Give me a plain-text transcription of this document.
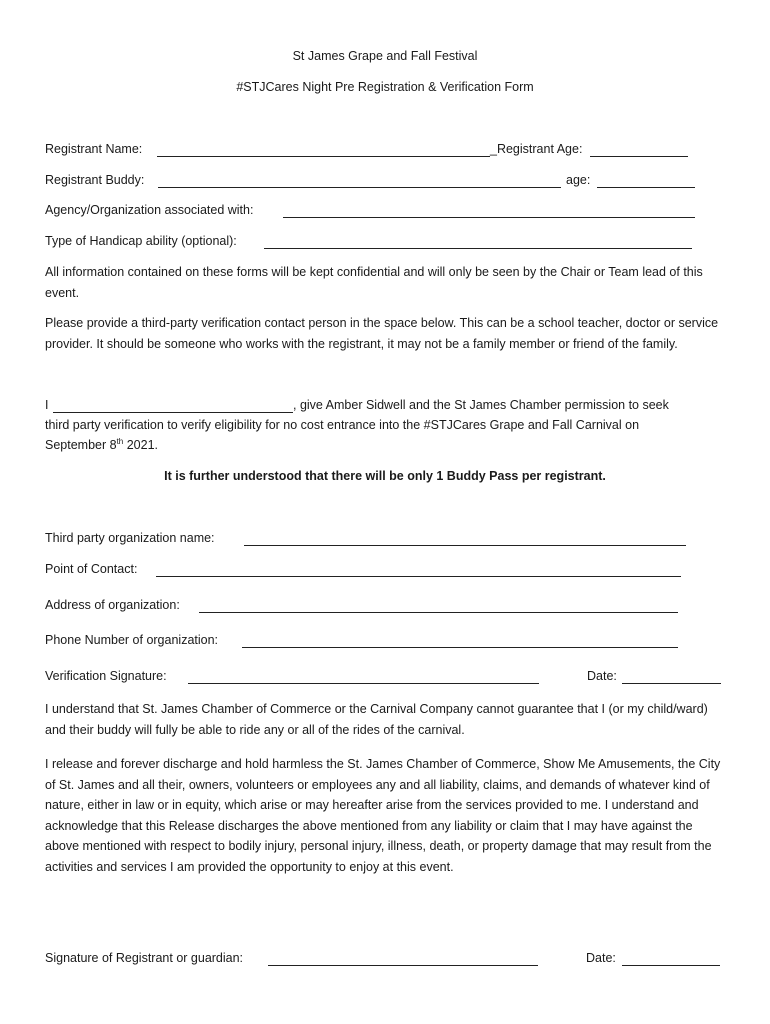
St James Grape and Fall Festival
#STJCares Night Pre Registration & Verification Form
Registrant Name:	_Registrant Age:
Registrant Buddy:	age:
Agency/Organization associated with:
Type of Handicap ability (optional):
All information contained on these forms will be kept confidential and will only be seen by the Chair or Team lead of this event.
Please provide a third-party verification contact person in the space below. This can be a school teacher, doctor or service provider. It should be someone who works with the registrant, it may not be a family member or friend of the family.
I	, give Amber Sidwell and the St James Chamber permission to seek
third party verification to verify eligibility for no cost entrance into the #STJCares Grape and Fall Carnival on
September 8th 2021.
It is further understood that there will be only 1 Buddy Pass per registrant.
Third party organization name:
Point of Contact:
Address of organization:
Phone Number of organization:
Verification Signature:	Date:
I understand that St. James Chamber of Commerce or the Carnival Company cannot guarantee that I (or my child/ward) and their buddy will fully be able to ride any or all of the rides of the carnival.
I release and forever discharge and hold harmless the St. James Chamber of Commerce, Show Me Amusements, the City of St. James and all their, owners, volunteers or employees any and all liability, claims, and demands of whatever kind of nature, either in law or in equity, which arise or may hereafter arise from the services provided to me. I understand and acknowledge that this Release discharges the above mentioned from any liability or claim that I may have against the above mentioned with respect to bodily injury, personal injury, illness, death, or property damage that may result from the activities and services I am provided the opportunity to enjoy at this event.
Signature of Registrant or guardian:	Date:
